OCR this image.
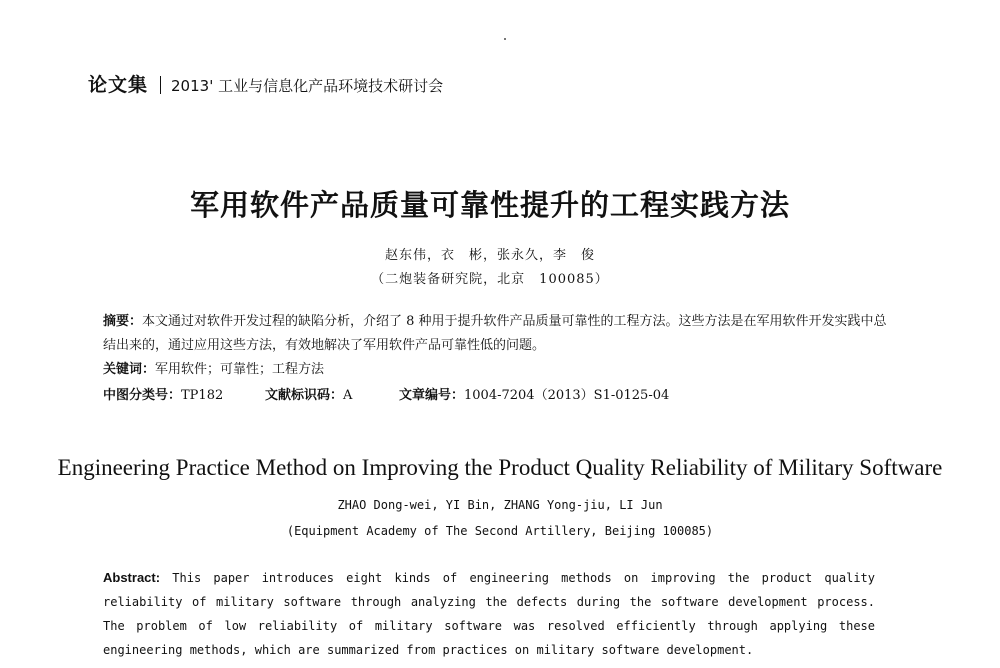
论文集 2013' 工业与信息化产品环境技术研讨会
军用软件产品质量可靠性提升的工程实践方法
赵东伟，衣　彬，张永久，李　俊
（二炮装备研究院，北京　100085）
摘要：本文通过对软件开发过程的缺陷分析，介绍了 8 种用于提升软件产品质量可靠性的工程方法。这些方法是在军用软件开发实践中总结出来的，通过应用这些方法，有效地解决了军用软件产品可靠性低的问题。
关键词：军用软件；可靠性；工程方法
中图分类号：TP182	文献标识码：A	文章编号：1004-7204（2013）S1-0125-04
Engineering Practice Method on Improving the Product Quality Reliability of Military Software
ZHAO Dong-wei, YI Bin, ZHANG Yong-jiu, LI Jun
(Equipment Academy of The Second Artillery, Beijing 100085)
Abstract: This paper introduces eight kinds of engineering methods on improving the product quality reliability of military software through analyzing the defects during the software development process. The problem of low reliability of military software was resolved efficiently through applying these engineering methods, which are summarized from practices on military software development.
